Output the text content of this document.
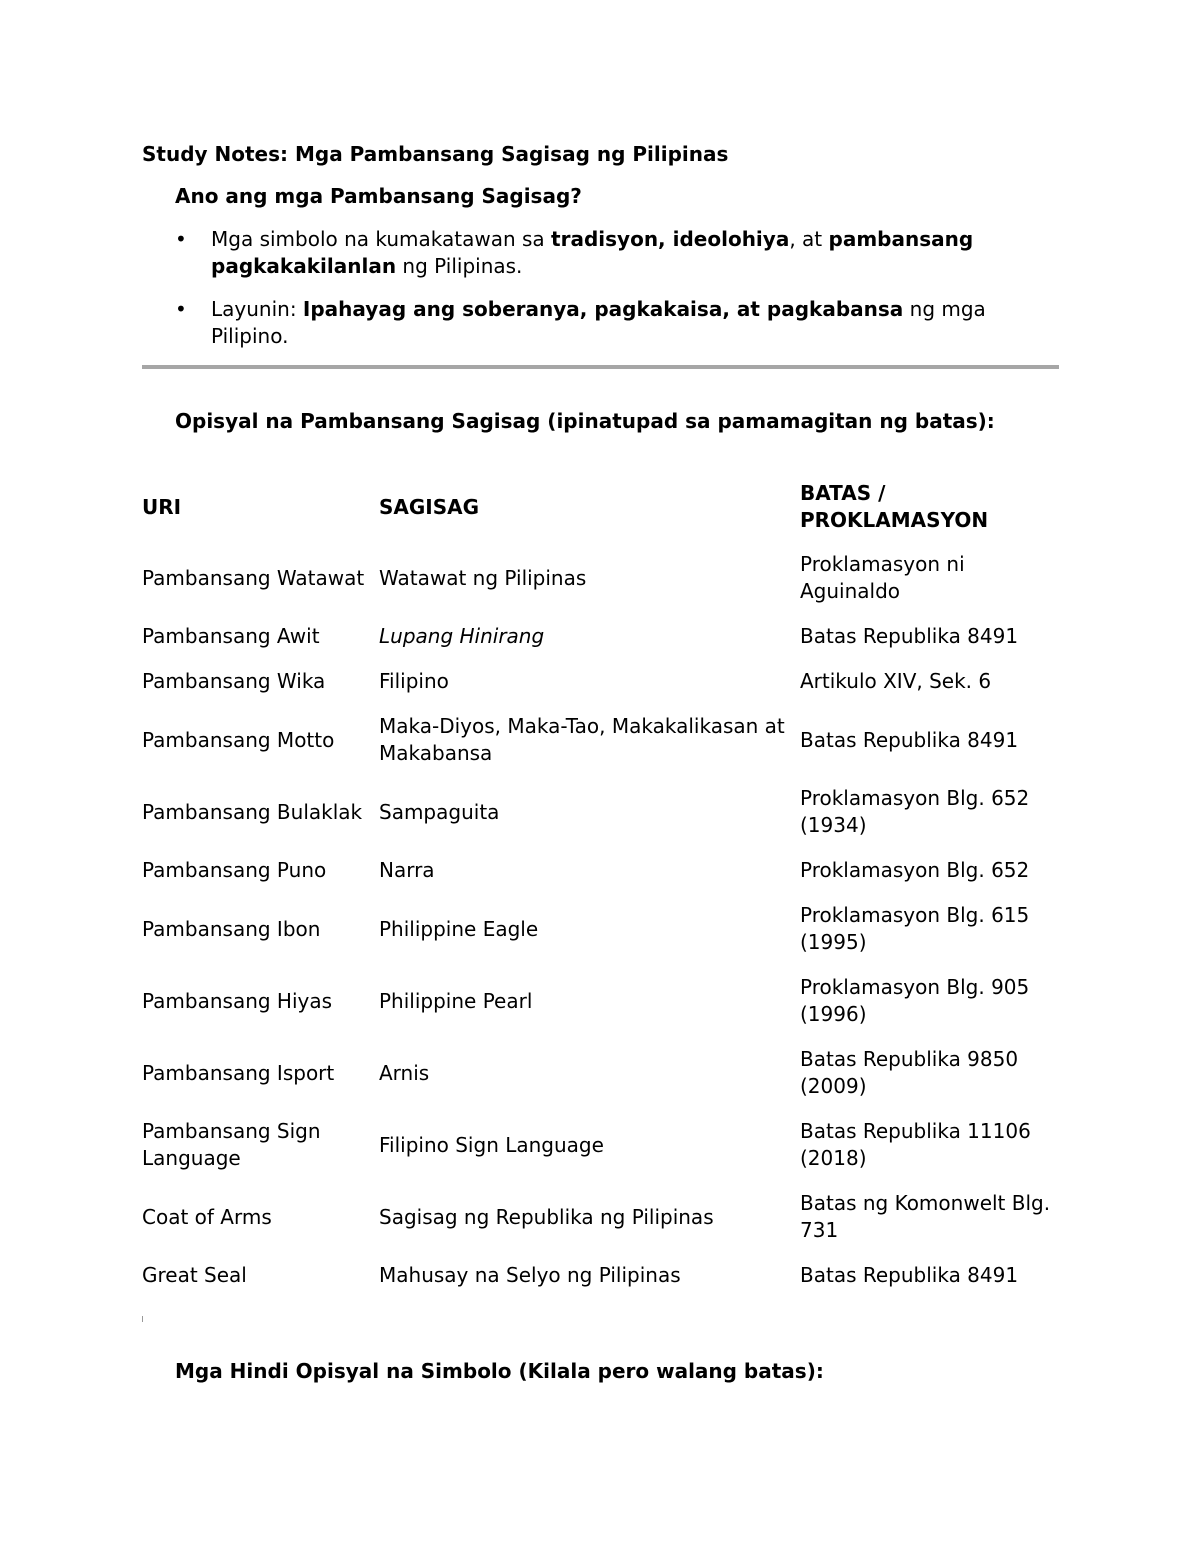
Study Notes: Mga Pambansang Sagisag ng Pilipinas
Ano ang mga Pambansang Sagisag?
• Mga simbolo na kumakatawan sa tradisyon, ideolohiya, at pambansang pagkakakilanlan ng Pilipinas.
• Layunin: Ipahayag ang soberanya, pagkakaisa, at pagkabansa ng mga Pilipino.
Opisyal na Pambansang Sagisag (ipinatupad sa pamamagitan ng batas):
URI	SAGISAG	BATAS / PROKLAMASYON
Pambansang Watawat	Watawat ng Pilipinas	Proklamasyon ni Aguinaldo
Pambansang Awit	Lupang Hinirang	Batas Republika 8491
Pambansang Wika	Filipino	Artikulo XIV, Sek. 6
Pambansang Motto	Maka-Diyos, Maka-Tao, Makakalikasan at Makabansa	Batas Republika 8491
Pambansang Bulaklak	Sampaguita	Proklamasyon Blg. 652 (1934)
Pambansang Puno	Narra	Proklamasyon Blg. 652
Pambansang Ibon	Philippine Eagle	Proklamasyon Blg. 615 (1995)
Pambansang Hiyas	Philippine Pearl	Proklamasyon Blg. 905 (1996)
Pambansang Isport	Arnis	Batas Republika 9850 (2009)
Pambansang Sign Language	Filipino Sign Language	Batas Republika 11106 (2018)
Coat of Arms	Sagisag ng Republika ng Pilipinas	Batas ng Komonwelt Blg. 731
Great Seal	Mahusay na Selyo ng Pilipinas	Batas Republika 8491
Mga Hindi Opisyal na Simbolo (Kilala pero walang batas):
